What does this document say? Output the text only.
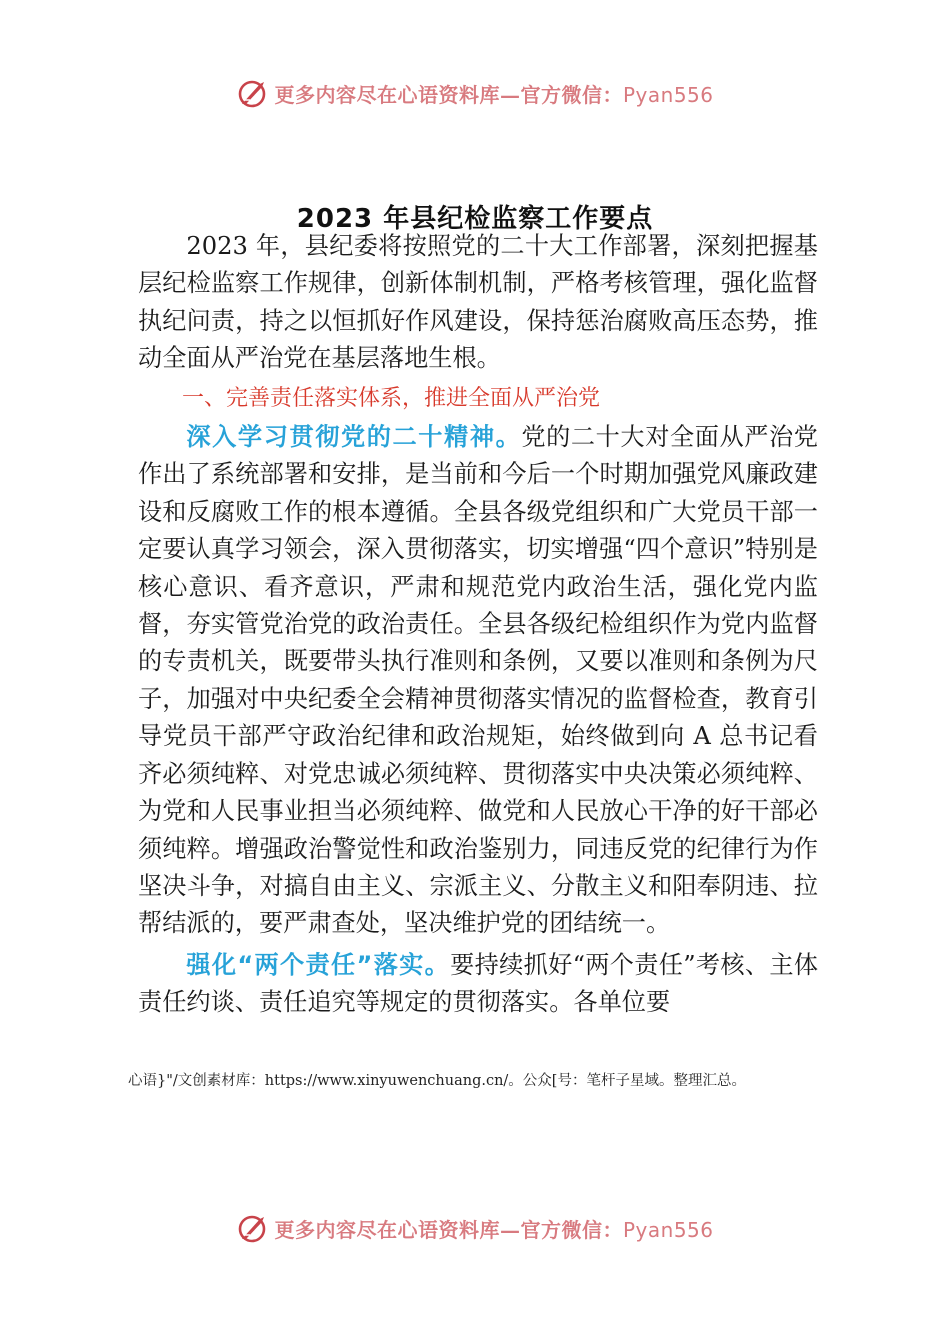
更多内容尽在心语资料库—官方微信：Pyan556
2023 年县纪检监察工作要点

2023 年，县纪委将按照党的二十大工作部署，深刻把握基层纪检监察工作规律，创新体制机制，严格考核管理，强化监督执纪问责，持之以恒抓好作风建设，保持惩治腐败高压态势，推动全面从严治党在基层落地生根。

一、完善责任落实体系，推进全面从严治党

深入学习贯彻党的二十精神。党的二十大对全面从严治党作出了系统部署和安排，是当前和今后一个时期加强党风廉政建设和反腐败工作的根本遵循。全县各级党组织和广大党员干部一定要认真学习领会，深入贯彻落实，切实增强“四个意识”特别是核心意识、看齐意识，严肃和规范党内政治生活，强化党内监督，夯实管党治党的政治责任。全县各级纪检组织作为党内监督的专责机关，既要带头执行准则和条例，又要以准则和条例为尺子，加强对中央纪委全会精神贯彻落实情况的监督检查，教育引导党员干部严守政治纪律和政治规矩，始终做到向 A 总书记看齐必须纯粹、对党忠诚必须纯粹、贯彻落实中央决策必须纯粹、为党和人民事业担当必须纯粹、做党和人民放心干净的好干部必须纯粹。增强政治警觉性和政治鉴别力，同违反党的纪律行为作坚决斗争，对搞自由主义、宗派主义、分散主义和阳奉阴违、拉帮结派的，要严肃查处，坚决维护党的团结统一。

强化“两个责任”落实。要持续抓好“两个责任”考核、主体责任约谈、责任追究等规定的贯彻落实。各单位要

心语}"/文创素材库：https://www.xinyuwenchuang.cn/。公众[号：笔杆子星域。整理汇总。
更多内容尽在心语资料库—官方微信：Pyan556
